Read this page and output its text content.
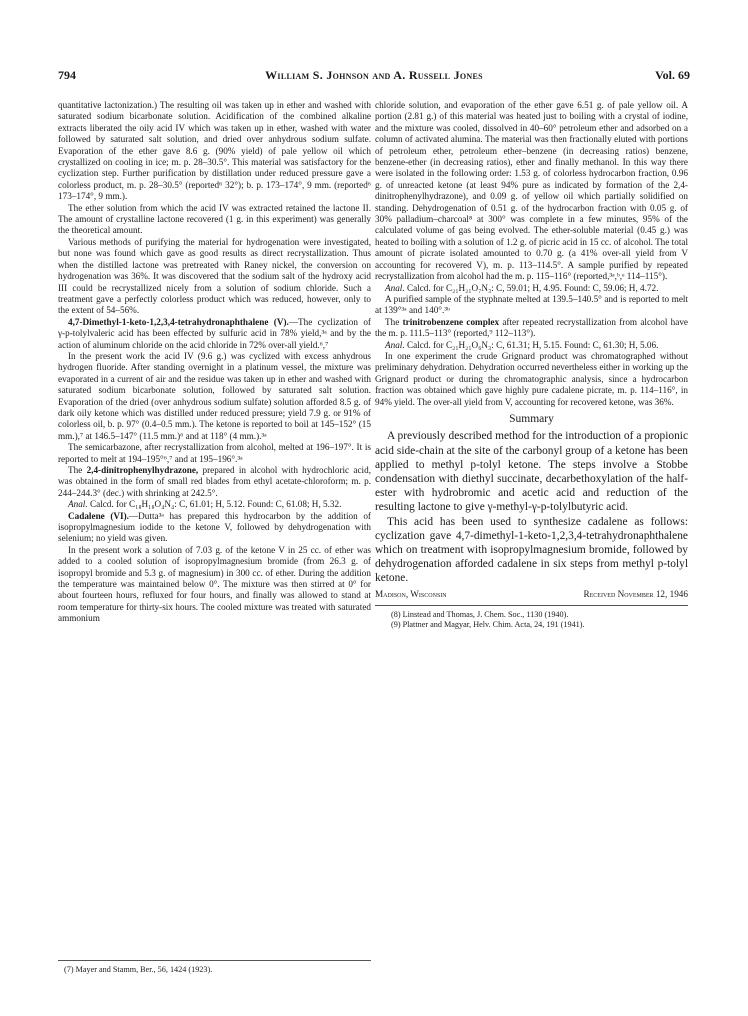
794	William S. Johnson and A. Russell Jones	Vol. 69

quantitative lactonization.) The resulting oil was taken up in ether and washed with saturated sodium bicarbonate solution. Acidification of the combined alkaline extracts liberated the oily acid IV which was taken up in ether, washed with water followed by saturated salt solution, and dried over anhydrous sodium sulfate. Evaporation of the ether gave 8.6 g. (90% yield) of pale yellow oil which crystallized on cooling in ice; m. p. 28–30.5°. This material was satisfactory for the cyclization step. Further purification by distillation under reduced pressure gave a colorless product, m. p. 28–30.5° (reported⁶ 32°); b. p. 173–174°, 9 mm. (reported⁶ 173–174°, 9 mm.).

The ether solution from which the acid IV was extracted retained the lactone II. The amount of crystalline lactone recovered (1 g. in this experiment) was generally the theoretical amount.

Various methods of purifying the material for hydrogenation were investigated, but none was found which gave as good results as direct recrystallization. Thus when the distilled lactone was pretreated with Raney nickel, the conversion on hydrogenation was 36%. It was discovered that the sodium salt of the hydroxy acid III could be recrystallized nicely from a solution of sodium chloride. Such a treatment gave a perfectly colorless product which was reduced, however, only to the extent of 54–56%.

4,7-Dimethyl-1-keto-1,2,3,4-tetrahydronaphthalene (V).—The cyclization of γ-p-tolylvaleric acid has been effected by sulfuric acid in 78% yield,³ᵃ and by the action of aluminum chloride on the acid chloride in 72% over-all yield.⁶,⁷

In the present work the acid IV (9.6 g.) was cyclized with excess anhydrous hydrogen fluoride. After standing overnight in a platinum vessel, the mixture was evaporated in a current of air and the residue was taken up in ether and washed with saturated sodium bicarbonate solution, followed by saturated salt solution. Evaporation of the dried (over anhydrous sodium sulfate) solution afforded 8.5 g. of dark oily ketone which was distilled under reduced pressure; yield 7.9 g. or 91% of colorless oil, b. p. 97° (0.4–0.5 mm.). The ketone is reported to boil at 145–152° (15 mm.),⁷ at 146.5–147° (11.5 mm.)⁶ and at 118° (4 mm.).³ᵃ

The semicarbazone, after recrystallization from alcohol, melted at 196–197°. It is reported to melt at 194–195°⁶,⁷ and at 195–196°.³ᵃ

The 2,4-dinitrophenylhydrazone, prepared in alcohol with hydrochloric acid, was obtained in the form of small red blades from ethyl acetate-chloroform; m. p. 244–244.3° (dec.) with shrinking at 242.5°.

Anal. Calcd. for C₁₈H₁₈O₄N₄: C, 61.01; H, 5.12. Found: C, 61.08; H, 5.32.

Cadalene (VI).—Dutta³ᵃ has prepared this hydrocarbon by the addition of isopropylmagnesium iodide to the ketone V, followed by dehydrogenation with selenium; no yield was given.

In the present work a solution of 7.03 g. of the ketone V in 25 cc. of ether was added to a cooled solution of isopropylmagnesium bromide (from 26.3 g. of isopropyl bromide and 5.3 g. of magnesium) in 300 cc. of ether. During the addition the temperature was maintained below 0°. The mixture was then stirred at 0° for about fourteen hours, refluxed for four hours, and finally was allowed to stand at room temperature for thirty-six hours. The cooled mixture was treated with saturated ammonium

(7) Mayer and Stamm, Ber., 56, 1424 (1923).

chloride solution, and evaporation of the ether gave 6.51 g. of pale yellow oil. A portion (2.81 g.) of this material was heated just to boiling with a crystal of iodine, and the mixture was cooled, dissolved in 40–60° petroleum ether and adsorbed on a column of activated alumina. The material was then fractionally eluted with portions of petroleum ether, petroleum ether–benzene (in decreasing ratios) benzene, benzene-ether (in decreasing ratios), ether and finally methanol. In this way there were isolated in the following order: 1.53 g. of colorless hydrocarbon fraction, 0.96 g. of unreacted ketone (at least 94% pure as indicated by formation of the 2,4-dinitrophenylhydrazone), and 0.09 g. of yellow oil which partially solidified on standing. Dehydrogenation of 0.51 g. of the hydrocarbon fraction with 0.05 g. of 30% palladium–charcoal⁸ at 300° was complete in a few minutes, 95% of the calculated volume of gas being evolved. The ether-soluble material (0.45 g.) was heated to boiling with a solution of 1.2 g. of picric acid in 15 cc. of alcohol. The total amount of picrate isolated amounted to 0.70 g. (a 41% over-all yield from V accounting for recovered V), m. p. 113–114.5°. A sample purified by repeated recrystallization from alcohol had the m. p. 115–116° (reported,³ᵃ,ᵇ,ᵉ 114–115°).

Anal. Calcd. for C₂₁H₂₁O₇N₃: C, 59.01; H, 4.95. Found: C, 59.06; H, 4.72.

A purified sample of the styphnate melted at 139.5–140.5° and is reported to melt at 139°³ᵃ and 140°.³ᵇ

The trinitrobenzene complex after repeated recrystallization from alcohol have the m. p. 111.5–113° (reported,⁹ 112–113°).

Anal. Calcd. for C₂₁H₂₁O₆N₃: C, 61.31; H, 5.15. Found: C, 61.30; H, 5.06.

In one experiment the crude Grignard product was chromatographed without preliminary dehydration. Dehydration occurred nevertheless either in working up the Grignard product or during the chromatographic analysis, since a hydrocarbon fraction was obtained which gave highly pure cadalene picrate, m. p. 114–116°, in 94% yield. The over-all yield from V, accounting for recovered ketone, was 36%.

Summary

A previously described method for the introduction of a propionic acid side-chain at the site of the carbonyl group of a ketone has been applied to methyl p-tolyl ketone. The steps involve a Stobbe condensation with diethyl succinate, decarbethoxylation of the half-ester with hydrobromic and acetic acid and reduction of the resulting lactone to give γ-methyl-γ-p-tolylbutyric acid.

This acid has been used to synthesize cadalene as follows: cyclization gave 4,7-dimethyl-1-keto-1,2,3,4-tetrahydronaphthalene which on treatment with isopropylmagnesium bromide, followed by dehydrogenation afforded cadalene in six steps from methyl p-tolyl ketone.

Madison, Wisconsin	Received November 12, 1946

(8) Linstead and Thomas, J. Chem. Soc., 1130 (1940).

(9) Plattner and Magyar, Helv. Chim. Acta, 24, 191 (1941).
